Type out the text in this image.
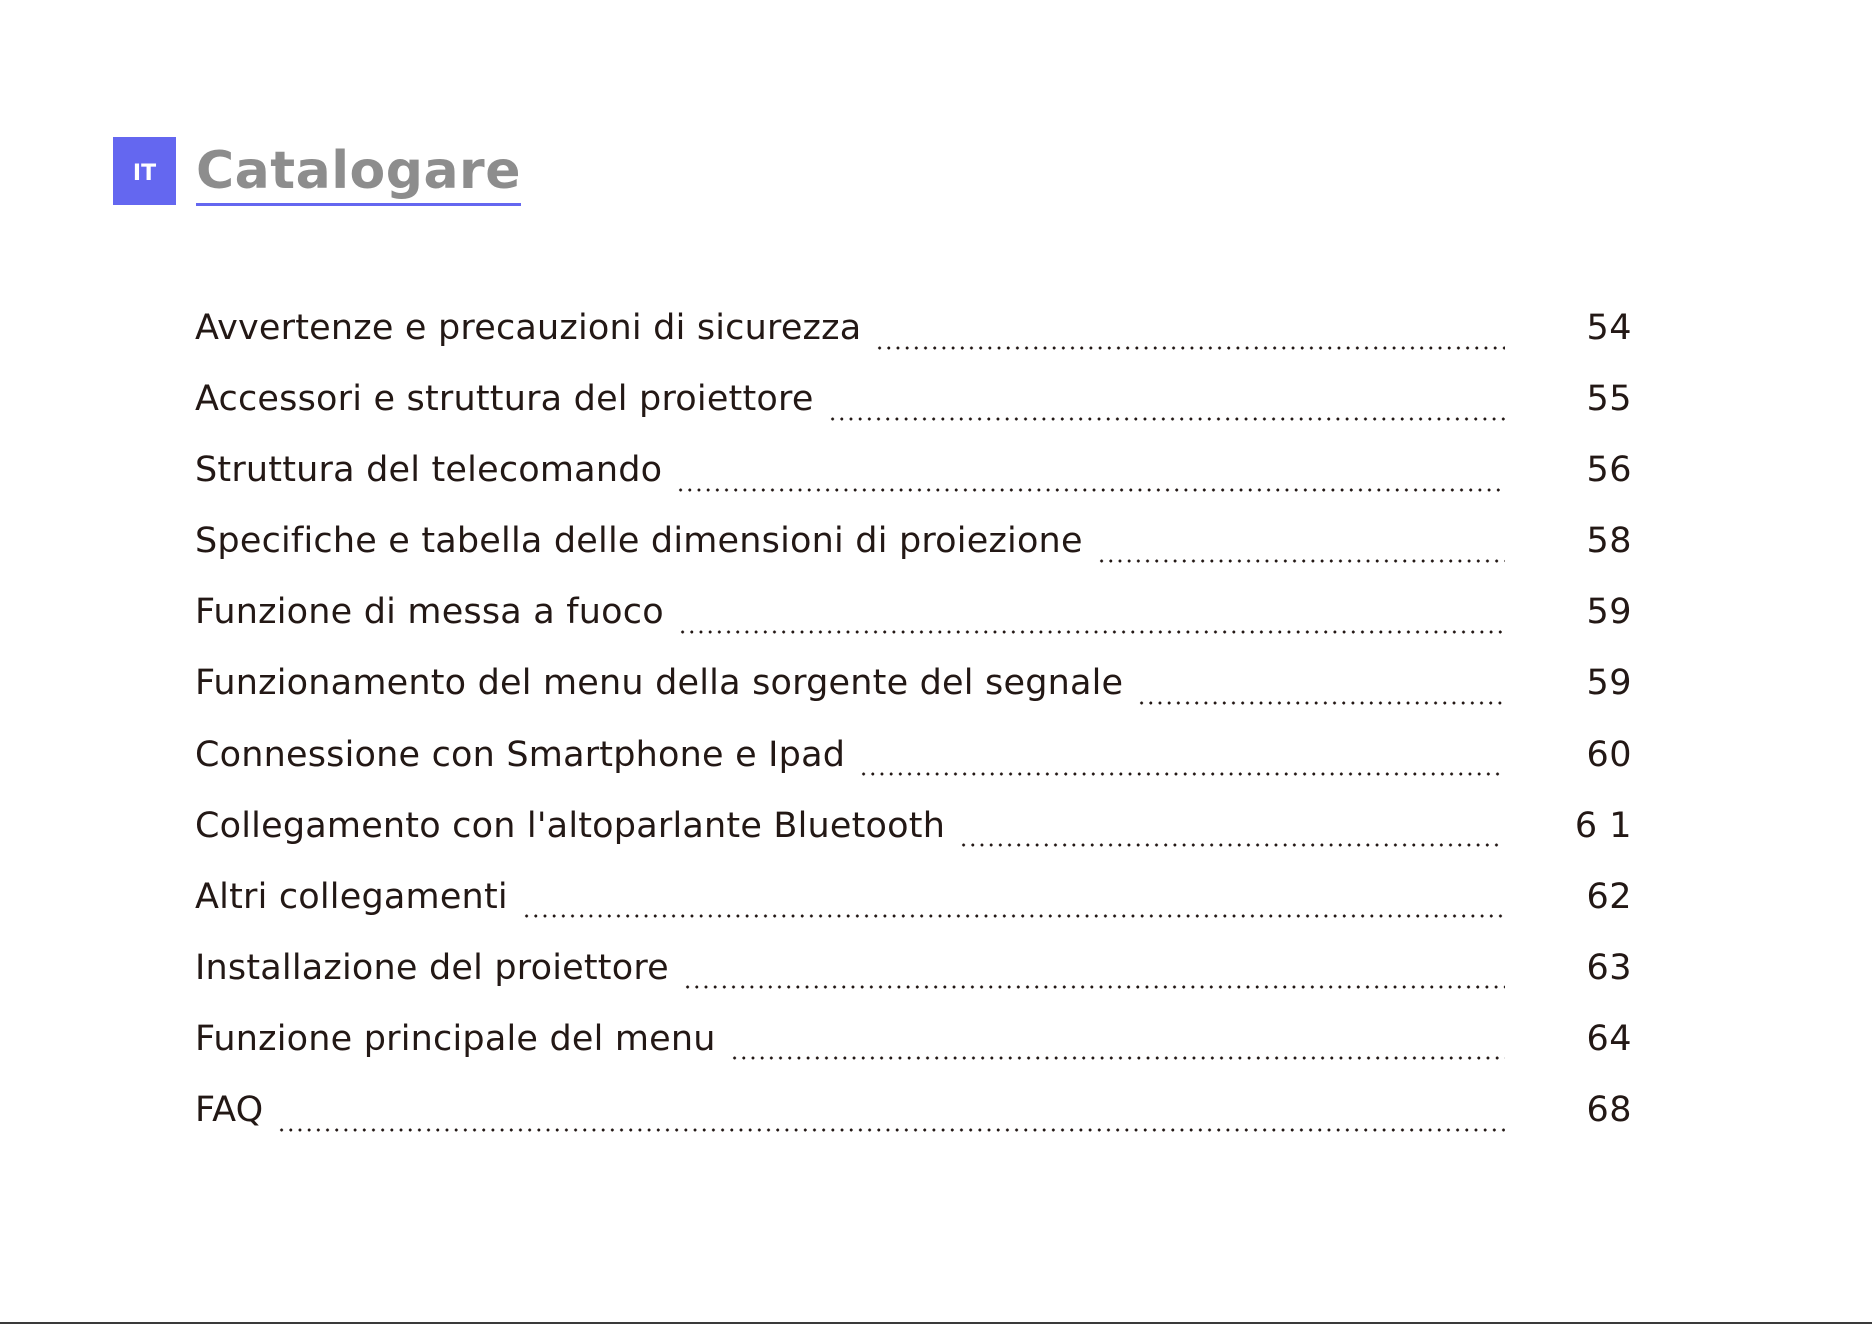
IT Catalogare
Avvertenze e precauzioni di sicurezza	54
Accessori e struttura del proiettore	55
Struttura del telecomando	56
Specifiche e tabella delle dimensioni di proiezione	58
Funzione di messa a fuoco	59
Funzionamento del menu della sorgente del segnale	59
Connessione con Smartphone e Ipad	60
Collegamento con l'altoparlante Bluetooth	6 1
Altri collegamenti	62
Installazione del proiettore	63
Funzione principale del menu	64
FAQ	68
